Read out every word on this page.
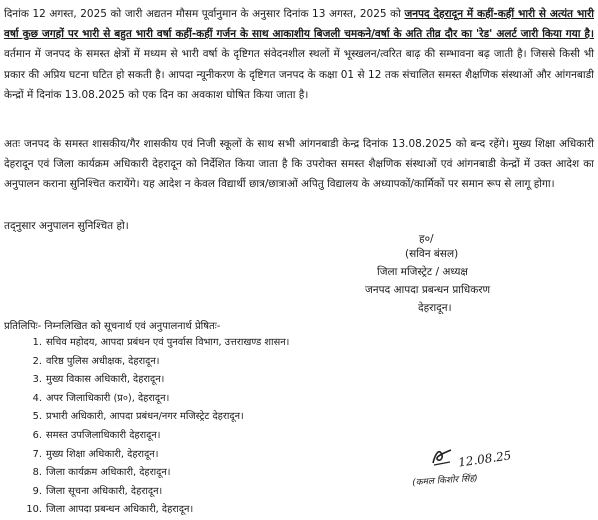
दिनांक 12 अगस्त, 2025 को जारी अद्यतन मौसम पूर्वानुमान के अनुसार दिनांक 13 अगस्त, 2025 को जनपद देहरादून में कहीं-कहीं भारी से अत्यंत भारी वर्षा कुछ जगहों पर भारी से बहुत भारी वर्षा कहीं-कहीं गर्जन के साथ आकाशीय बिजली चमकने/वर्षा के अति तीव्र दौर का 'रेड' अलर्ट जारी किया गया है। वर्तमान में जनपद के समस्त क्षेत्रों में मध्यम से भारी वर्षा के दृष्टिगत संवेदनशील स्थलों में भूस्खलन/त्वरित बाढ़ की सम्भावना बढ़ जाती है। जिससे किसी भी प्रकार की अप्रिय घटना घटित हो सकती है। आपदा न्यूनीकरण के दृष्टिगत जनपद के कक्षा 01 से 12 तक संचालित समस्त शैक्षणिक संस्थाओं और आंगनबाडी केन्द्रों में दिनांक 13.08.2025 को एक दिन का अवकाश घोषित किया जाता है।

अतः जनपद के समस्त शासकीय/गैर शासकीय एवं निजी स्कूलों के साथ सभी आंगनबाडी केन्द्र दिनांक 13.08.2025 को बन्द रहेंगे। मुख्य शिक्षा अधिकारी देहरादून एवं जिला कार्यक्रम अधिकारी देहरादून को निर्देशित किया जाता है कि उपरोक्त समस्त शैक्षणिक संस्थाओं एवं आंगनबाडी केन्द्रों में उक्त आदेश का अनुपालन कराना सुनिश्चित करायेंगे। यह आदेश न केवल विद्यार्थी छात्र/छात्राओं अपितु विद्यालय के अध्यापकों/कार्मिकों पर समान रूप से लागू होगा।

तद्नुसार अनुपालन सुनिश्चित हो।

ह०/
(सविन बंसल)
जिला मजिस्ट्रेट / अध्यक्ष
जनपद आपदा प्रबन्धन प्राधिकरण
देहरादून।
प्रतिलिपिः- निम्नलिखित को सूचनार्थ एवं अनुपालनार्थ प्रेषितः-
1. सचिव महोदय, आपदा प्रबंधन एवं पुनर्वास विभाग, उत्तराखण्ड शासन।
2. वरिष्ठ पुलिस अधीक्षक, देहरादून।
3. मुख्य विकास अधिकारी, देहरादून।
4. अपर जिलाधिकारी (प्र०), देहरादून।
5. प्रभारी अधिकारी, आपदा प्रबंधन/नगर मजिस्ट्रेट देहरादून।
6. समस्त उपजिलाधिकारी देहरादून।
7. मुख्य शिक्षा अधिकारी, देहरादून।
8. जिला कार्यक्रम अधिकारी, देहरादून।
9. जिला सूचना अधिकारी, देहरादून।
10. जिला आपदा प्रबन्धन अधिकारी, देहरादून।
12.08.25
(कमल किशोर सिंह)
